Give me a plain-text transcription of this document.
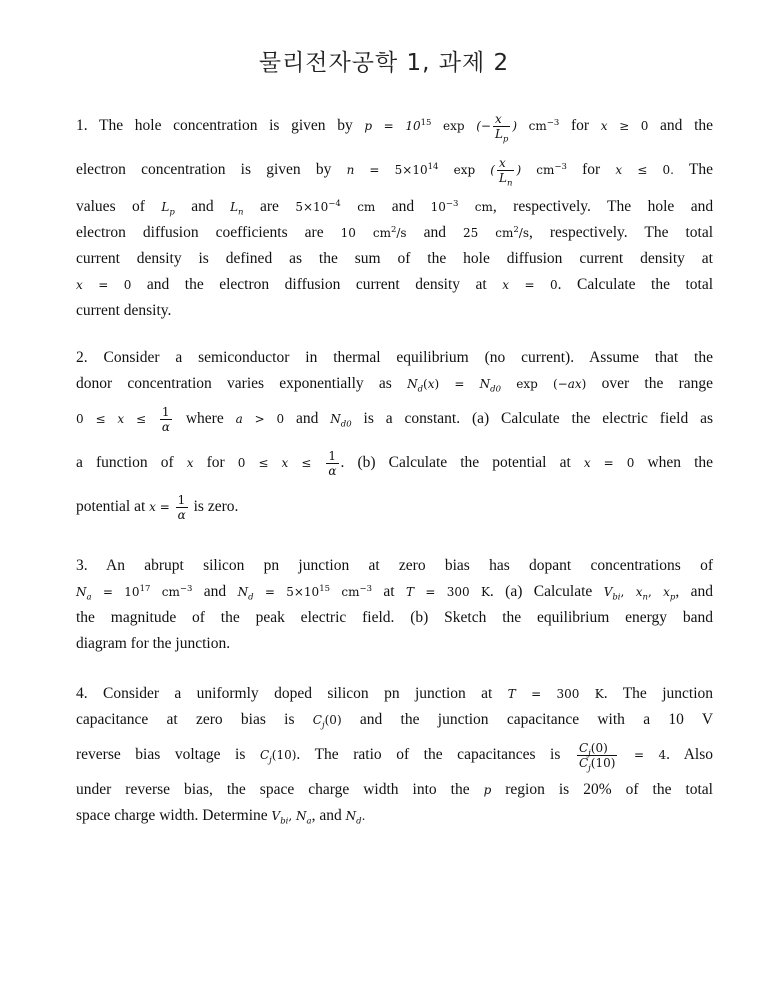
물리전자공학 1, 과제 2
1. The hole concentration is given by $p = 10^{15}$ exp (− $\frac{x}{L_p}$ ) $cm^{-3}$ for x ≥ 0 and the
electron concentration is given by $n = 5\times 10^{14}$ exp ( $\frac{x}{L_n}$ ) $cm^{-3}$ for x ≤ 0. The
values of $L_p$ and $L_n$ are $5\times 10^{-4}$ cm and $10^{-3}$ cm, respectively. The hole and
electron diffusion coefficients are 10 $cm^2/s$ and 25 $cm^2/s$, respectively. The total
current density is defined as the sum of the hole diffusion current density at
x = 0 and the electron diffusion current density at x = 0. Calculate the total
current density.
2. Consider a semiconductor in thermal equilibrium (no current). Assume that the
donor concentration varies exponentially as $N_d(x) = N_{d0}$ exp (−ax) over the range
$0 \le x \le \frac{1}{\alpha}$ where a > 0 and $N_{d0}$ is a constant. (a) Calculate the electric field as
a function of x for $0 \le x \le \frac{1}{\alpha}$ . (b) Calculate the potential at x = 0 when the
potential at $x = \frac{1}{\alpha}$ is zero.
3. An abrupt silicon pn junction at zero bias has dopant concentrations of
$N_a = 10^{17}$ $cm^{-3}$ and $N_d = 5\times 10^{15}$ $cm^{-3}$ at T = 300 K. (a) Calculate $V_{bi}$, $x_n$, $x_p$, and
the magnitude of the peak electric field. (b) Sketch the equilibrium energy band
diagram for the junction.
4. Consider a uniformly doped silicon pn junction at T = 300 K. The junction
capacitance at zero bias is $C_j(0)$ and the junction capacitance with a 10 V
reverse bias voltage is $C_j(10)$. The ratio of the capacitances is $\frac{C_j(0)}{C_j(10)} = 4$. Also
under reverse bias, the space charge width into the p region is 20% of the total
space charge width. Determine $V_{bi}$, $N_a$, and $N_d$.
